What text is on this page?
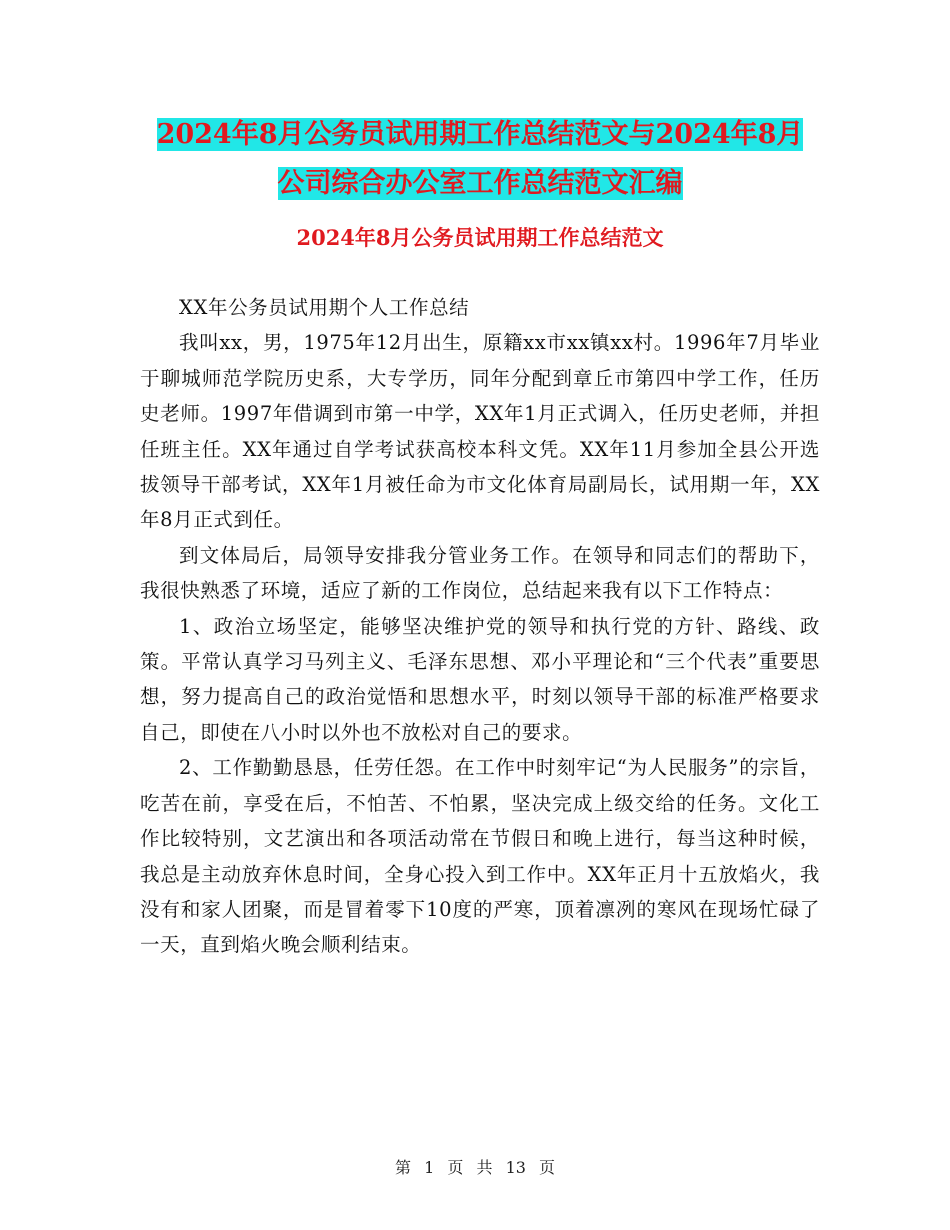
2024年8月公务员试用期工作总结范文与2024年8月
公司综合办公室工作总结范文汇编
2024年8月公务员试用期工作总结范文

XX年公务员试用期个人工作总结

我叫xx，男，1975年12月出生，原籍xx市xx镇xx村。1996年7月毕业于聊城师范学院历史系，大专学历，同年分配到章丘市第四中学工作，任历史老师。1997年借调到市第一中学，XX年1月正式调入，任历史老师，并担任班主任。XX年通过自学考试获高校本科文凭。XX年11月参加全县公开选拔领导干部考试，XX年1月被任命为市文化体育局副局长，试用期一年，XX年8月正式到任。

到文体局后，局领导安排我分管业务工作。在领导和同志们的帮助下，我很快熟悉了环境，适应了新的工作岗位，总结起来我有以下工作特点：

1、政治立场坚定，能够坚决维护党的领导和执行党的方针、路线、政策。平常认真学习马列主义、毛泽东思想、邓小平理论和“三个代表”重要思想，努力提高自己的政治觉悟和思想水平，时刻以领导干部的标准严格要求自己，即使在八小时以外也不放松对自己的要求。

2、工作勤勤恳恳，任劳任怨。在工作中时刻牢记“为人民服务”的宗旨，吃苦在前，享受在后，不怕苦、不怕累，坚决完成上级交给的任务。文化工作比较特别，文艺演出和各项活动常在节假日和晚上进行，每当这种时候，我总是主动放弃休息时间，全身心投入到工作中。XX年正月十五放焰火，我没有和家人团聚，而是冒着零下10度的严寒，顶着凛冽的寒风在现场忙碌了一天，直到焰火晚会顺利结束。

第 1 页 共 13 页
